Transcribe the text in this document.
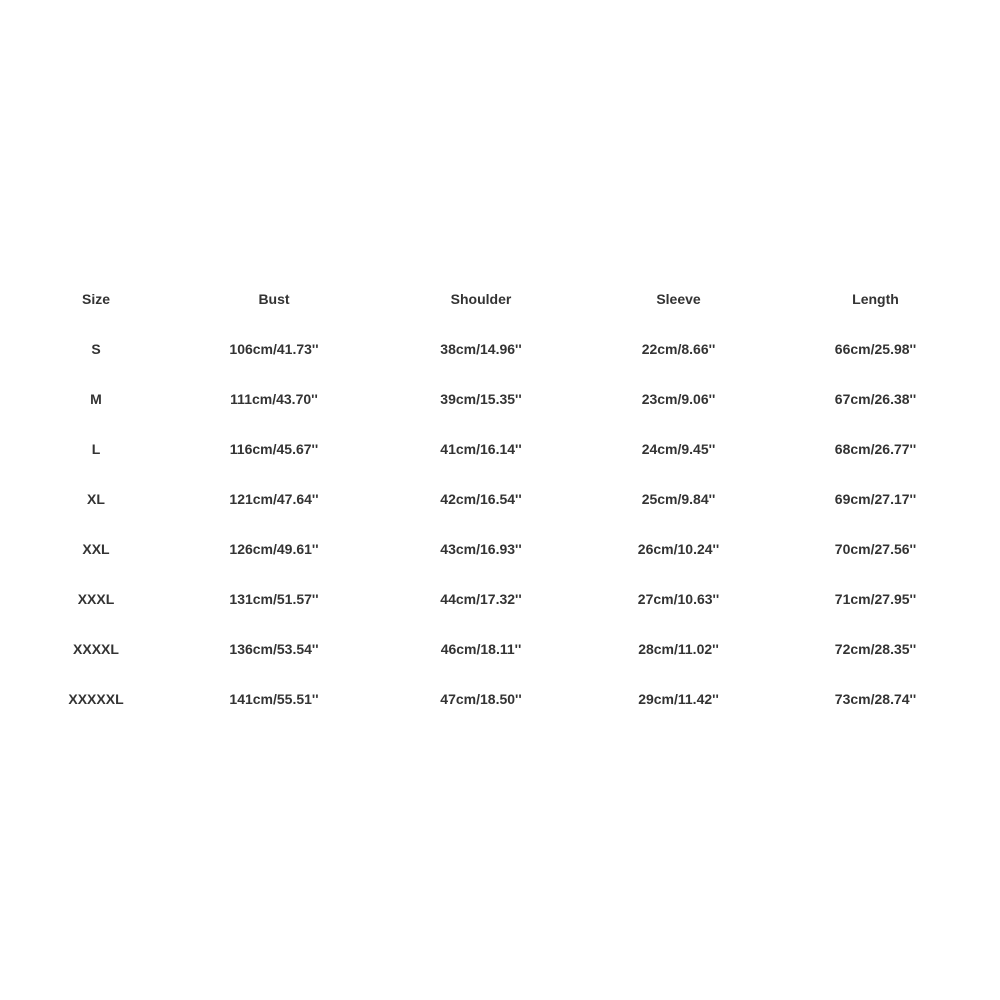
Size	Bust	Shoulder	Sleeve	Length
S	106cm/41.73''	38cm/14.96''	22cm/8.66''	66cm/25.98''
M	111cm/43.70''	39cm/15.35''	23cm/9.06''	67cm/26.38''
L	116cm/45.67''	41cm/16.14''	24cm/9.45''	68cm/26.77''
XL	121cm/47.64''	42cm/16.54''	25cm/9.84''	69cm/27.17''
XXL	126cm/49.61''	43cm/16.93''	26cm/10.24''	70cm/27.56''
XXXL	131cm/51.57''	44cm/17.32''	27cm/10.63''	71cm/27.95''
XXXXL	136cm/53.54''	46cm/18.11''	28cm/11.02''	72cm/28.35''
XXXXXL	141cm/55.51''	47cm/18.50''	29cm/11.42''	73cm/28.74''
